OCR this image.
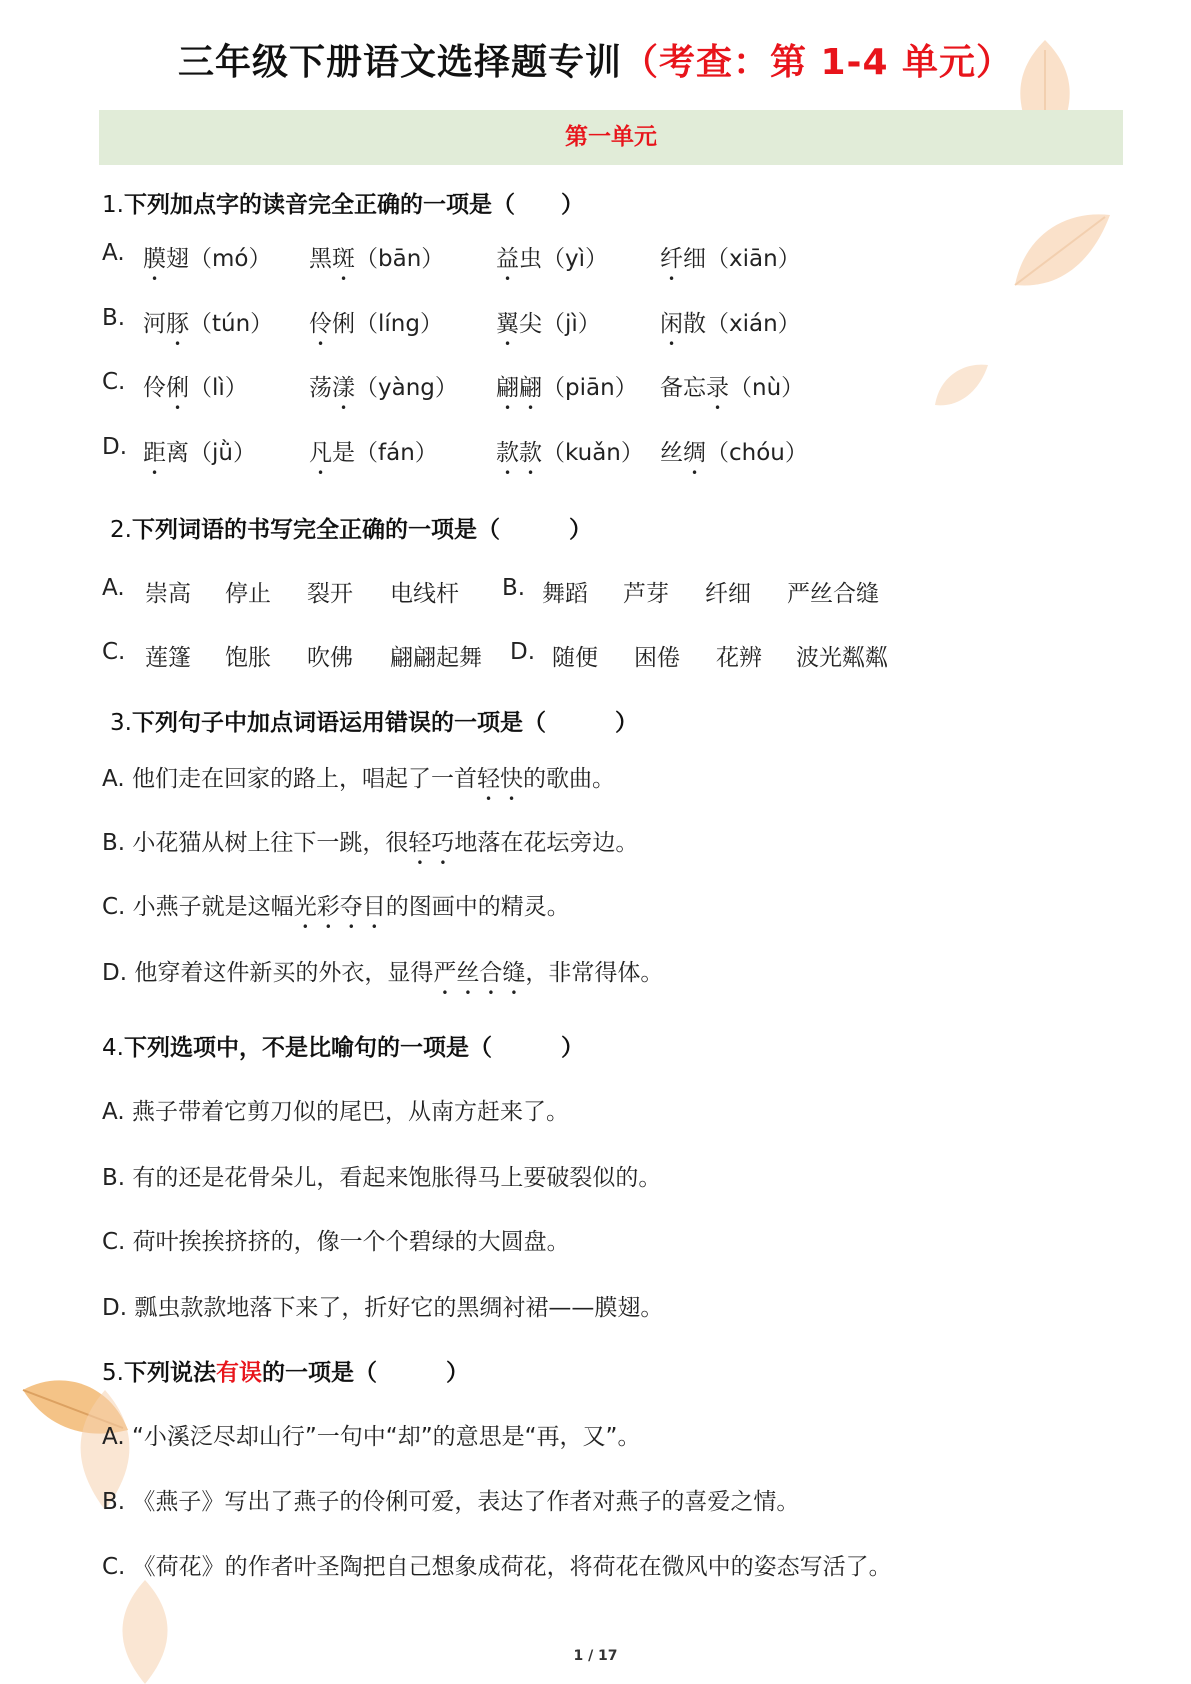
三年级下册语文选择题专训（考查：第 1-4 单元）
第一单元
1.下列加点字的读音完全正确的一项是（　　）
A. 膜翅（mó） 黑斑（bān） 益虫（yì） 纤细（xiān）
B. 河豚（tún） 伶俐（líng） 翼尖（jì）	闲散（xián）
C. 伶俐（lì）	荡漾（yàng） 翩翩（piān） 备忘录（nù）
D. 距离（jǜ） 凡是（fán）	款款（kuǎn） 丝绸（chóu）
2.下列词语的书写完全正确的一项是（　　　）
A. 崇高 停止 裂开 电线杆 B. 舞蹈 芦芽 纤细 严丝合缝
C. 莲篷 饱胀 吹佛 翩翩起舞 D. 随便 困倦 花辨 波光粼粼
3.下列句子中加点词语运用错误的一项是（　　　）
A. 他们走在回家的路上，唱起了一首轻快的歌曲。
B. 小花猫从树上往下一跳，很轻巧地落在花坛旁边。
C. 小燕子就是这幅光彩夺目的图画中的精灵。
D. 他穿着这件新买的外衣，显得严丝合缝，非常得体。
4.下列选项中，不是比喻句的一项是（　　　）
A. 燕子带着它剪刀似的尾巴，从南方赶来了。
B. 有的还是花骨朵儿，看起来饱胀得马上要破裂似的。
C. 荷叶挨挨挤挤的，像一个个碧绿的大圆盘。
D. 瓢虫款款地落下来了，折好它的黑绸衬裙——膜翅。
5.下列说法有误的一项是（　　　）
A. “小溪泛尽却山行”一句中“却”的意思是“再，又”。
B. 《燕子》写出了燕子的伶俐可爱，表达了作者对燕子的喜爱之情。
C. 《荷花》的作者叶圣陶把自己想象成荷花，将荷花在微风中的姿态写活了。
1 / 17
